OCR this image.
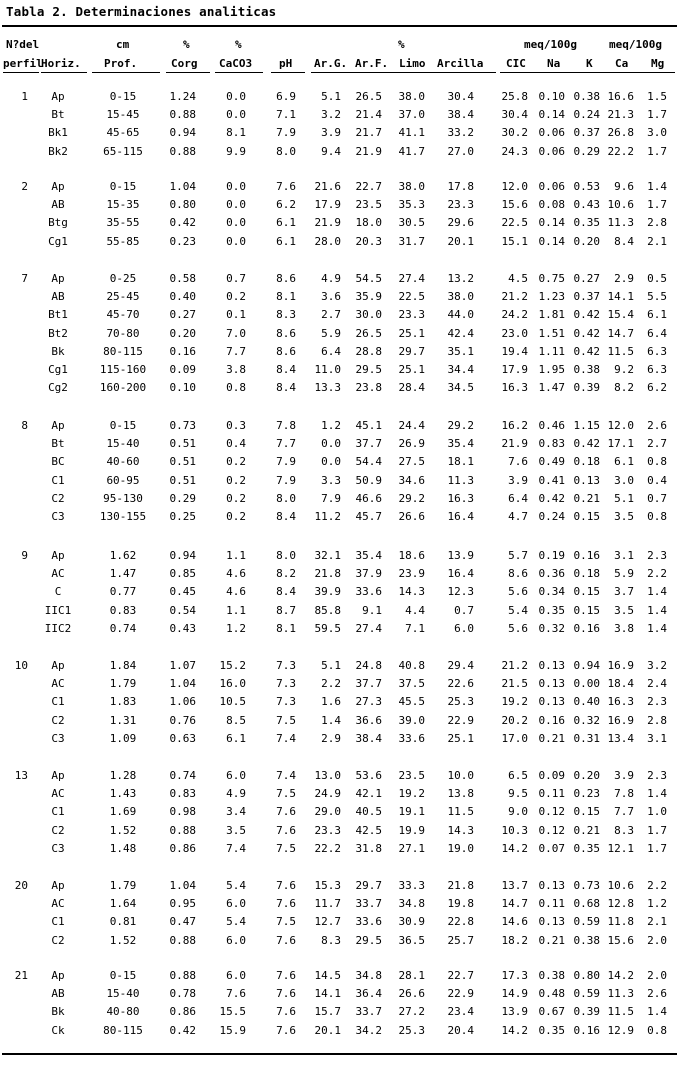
Tabla 2. Determinaciones analiticas
N?del	cm	%	%	%	meq/100g	meq/100g
perfil
Horiz. Prof.	Corg CaCO3 pH Ar.G. Ar.F. Limo Arcilla CIC Na K Ca Mg
1 Ap	0-15	1.24	0.0	6.9 5.1 26.5 38.0 30.4	25.8 0.10 0.38 16.6 1.5
Bt	15-45	0.88	0.0	7.1 3.2 21.4 37.0 38.4	30.4 0.14 0.24 21.3 1.7
Bk1	45-65	0.94	8.1	7.9 3.9 21.7 41.1 33.2	30.2 0.06 0.37 26.8 3.0
Bk2	65-115 0.88	9.9	8.0 9.4 21.9 41.7 27.0	24.3 0.06 0.29 22.2 1.7
2 Ap	0-15	1.04	0.0	7.6 21.6 22.7 38.0 17.8	12.0 0.06 0.53 9.6 1.4
AB	15-35	0.80	0.0	6.2 17.9 23.5 35.3 23.3	15.6 0.08 0.43 10.6 1.7
Btg	35-55	0.42	0.0	6.1 21.9 18.0 30.5 29.6	22.5 0.14 0.35 11.3 2.8
Cg1	55-85	0.23	0.0	6.1 28.0 20.3 31.7 20.1	15.1 0.14 0.20 8.4 2.1
7 Ap	0-25	0.58	0.7	8.6 4.9 54.5 27.4 13.2	4.5 0.75 0.27 2.9 0.5
AB	25-45	0.40	0.2	8.1 3.6 35.9 22.5 38.0	21.2 1.23 0.37 14.1 5.5
Bt1	45-70	0.27	0.1	8.3 2.7 30.0 23.3 44.0	24.2 1.81 0.42 15.4 6.1
Bt2	70-80	0.20	7.0	8.6 5.9 26.5 25.1 42.4	23.0 1.51 0.42 14.7 6.4
Bk	80-115 0.16	7.7	8.6 6.4 28.8 29.7 35.1	19.4 1.11 0.42 11.5 6.3
Cg1	115-160 0.09	3.8	8.4 11.0 29.5 25.1 34.4	17.9 1.95 0.38 9.2 6.3
Cg2	160-200 0.10	0.8	8.4 13.3 23.8 28.4 34.5	16.3 1.47 0.39 8.2 6.2
8 Ap	0-15	0.73	0.3	7.8 1.2 45.1 24.4 29.2	16.2 0.46 1.15 12.0 2.6
Bt	15-40	0.51	0.4	7.7 0.0 37.7 26.9 35.4	21.9 0.83 0.42 17.1 2.7
BC	40-60	0.51	0.2	7.9 0.0 54.4 27.5 18.1	7.6 0.49 0.18 6.1 0.8
C1	60-95	0.51	0.2	7.9 3.3 50.9 34.6 11.3	3.9 0.41 0.13 3.0 0.4
C2	95-130 0.29	0.2	8.0 7.9 46.6 29.2 16.3	6.4 0.42 0.21 5.1 0.7
C3	130-155 0.25	0.2	8.4 11.2 45.7 26.6 16.4	4.7 0.24 0.15 3.5 0.8
9 Ap	1.62	0.94	1.1	8.0 32.1 35.4 18.6 13.9	5.7 0.19 0.16 3.1 2.3
AC	1.47	0.85	4.6	8.2 21.8 37.9 23.9 16.4	8.6 0.36 0.18 5.9 2.2
C	0.77	0.45	4.6	8.4 39.9 33.6 14.3 12.3	5.6 0.34 0.15 3.7 1.4
IIC1	0.83	0.54	1.1	8.7 85.8 9.1 4.4	0.7	5.4 0.35 0.15 3.5 1.4
IIC2	0.74	0.43	1.2	8.1 59.5 27.4 7.1	6.0	5.6 0.32 0.16 3.8 1.4
10 Ap	1.84	1.07 15.2	7.3 5.1 24.8 40.8 29.4	21.2 0.13 0.94 16.9 3.2
AC	1.79	1.04 16.0	7.3 2.2 37.7 37.5 22.6	21.5 0.13 0.00 18.4 2.4
C1	1.83	1.06 10.5	7.3 1.6 27.3 45.5 25.3	19.2 0.13 0.40 16.3 2.3
C2	1.31	0.76	8.5	7.5 1.4 36.6 39.0 22.9	20.2 0.16 0.32 16.9 2.8
C3	1.09	0.63	6.1	7.4 2.9 38.4 33.6 25.1	17.0 0.21 0.31 13.4 3.1
13 Ap	1.28	0.74	6.0	7.4 13.0 53.6 23.5 10.0	6.5 0.09 0.20 3.9 2.3
AC	1.43	0.83	4.9	7.5 24.9 42.1 19.2 13.8	9.5 0.11 0.23 7.8 1.4
C1	1.69	0.98	3.4	7.6 29.0 40.5 19.1 11.5	9.0 0.12 0.15 7.7 1.0
C2	1.52	0.88	3.5	7.6 23.3 42.5 19.9 14.3	10.3 0.12 0.21 8.3 1.7
C3	1.48	0.86	7.4	7.5 22.2 31.8 27.1 19.0	14.2 0.07 0.35 12.1 1.7
20 Ap	1.79	1.04	5.4	7.6 15.3 29.7 33.3 21.8	13.7 0.13 0.73 10.6 2.2
AC	1.64	0.95	6.0	7.6 11.7 33.7 34.8 19.8	14.7 0.11 0.68 12.8 1.2
C1	0.81	0.47	5.4	7.5 12.7 33.6 30.9 22.8	14.6 0.13 0.59 11.8 2.1
C2	1.52	0.88	6.0	7.6 8.3 29.5 36.5 25.7	18.2 0.21 0.38 15.6 2.0
21 Ap	0-15	0.88	6.0	7.6 14.5 34.8 28.1 22.7	17.3 0.38 0.80 14.2 2.0
AB	15-40	0.78	7.6	7.6 14.1 36.4 26.6 22.9	14.9 0.48 0.59 11.3 2.6
Bk	40-80	0.86 15.5	7.6 15.7 33.7 27.2 23.4	13.9 0.67 0.39 11.5 1.4
Ck	80-115 0.42 15.9	7.6 20.1 34.2 25.3 20.4	14.2 0.35 0.16 12.9 0.8
